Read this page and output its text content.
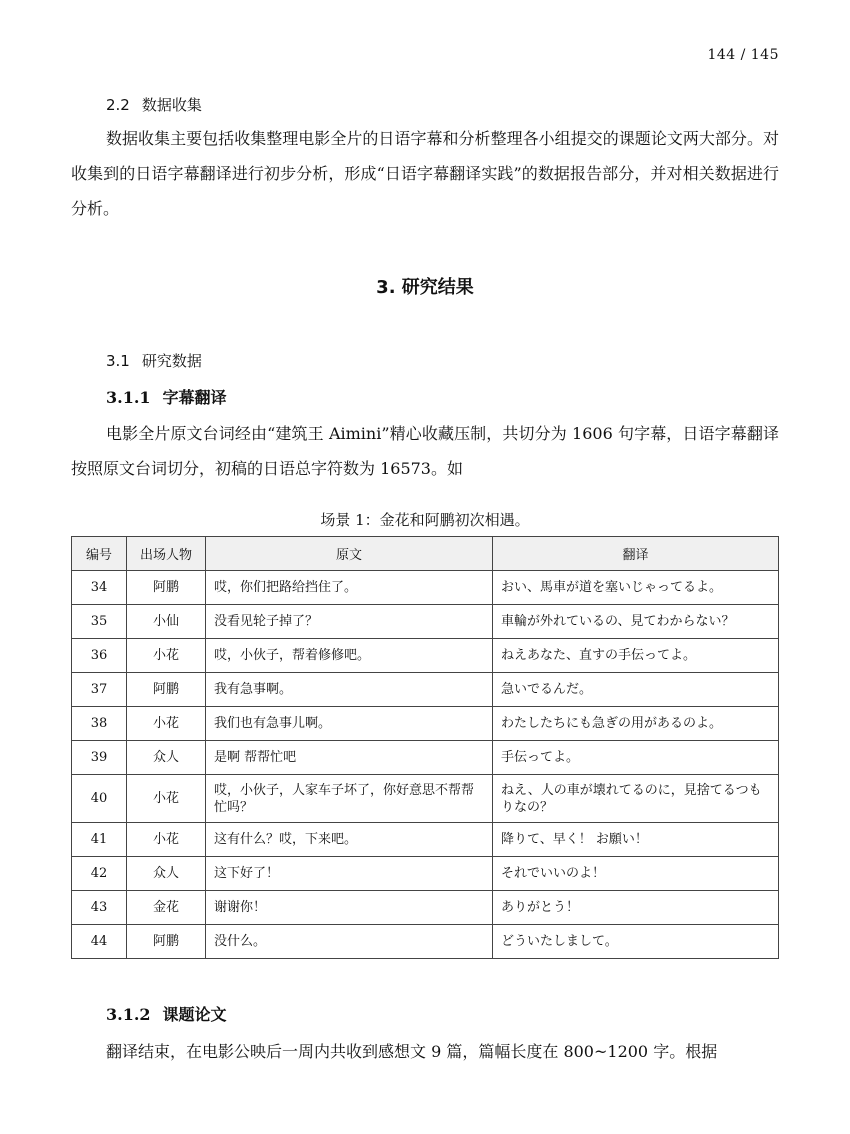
144 / 145
2.2 数据收集

数据收集主要包括收集整理电影全片的日语字幕和分析整理各小组提交的课题论文两大部分。对收集到的日语字幕翻译进行初步分析，形成“日语字幕翻译实践”的数据报告部分，并对相关数据进行分析。

3. 研究结果
3.1 研究数据
3.1.1 字幕翻译

电影全片原文台词经由“建筑王 Aimini”精心收藏压制，共切分为 1606 句字幕，日语字幕翻译按照原文台词切分，初稿的日语总字符数为 16573。如

场景 1：金花和阿鹏初次相遇。
编号	出场人物	原文	翻译
34	阿鹏	哎，你们把路给挡住了。	おい、馬車が道を塞いじゃってるよ。
35	小仙	没看见轮子掉了？	車輪が外れているの、見てわからない？
36	小花	哎，小伙子，帮着修修吧。	ねえあなた、直すの手伝ってよ。
37	阿鹏	我有急事啊。	急いでるんだ。
38	小花	我们也有急事儿啊。	わたしたちにも急ぎの用があるのよ。
39	众人	是啊 帮帮忙吧	手伝ってよ。
40	小花	哎，小伙子，人家车子坏了，你好意思不帮帮忙吗？	ねえ、人の車が壊れてるのに，見捨てるつもりなの？
41	小花	这有什么？哎，下来吧。	降りて、早く！ お願い！
42	众人	这下好了！	それでいいのよ！
43	金花	谢谢你！	ありがとう！
44	阿鹏	没什么。	どういたしまして。
3.1.2 课题论文

翻译结束，在电影公映后一周内共收到感想文 9 篇，篇幅长度在 800~1200 字。根据
